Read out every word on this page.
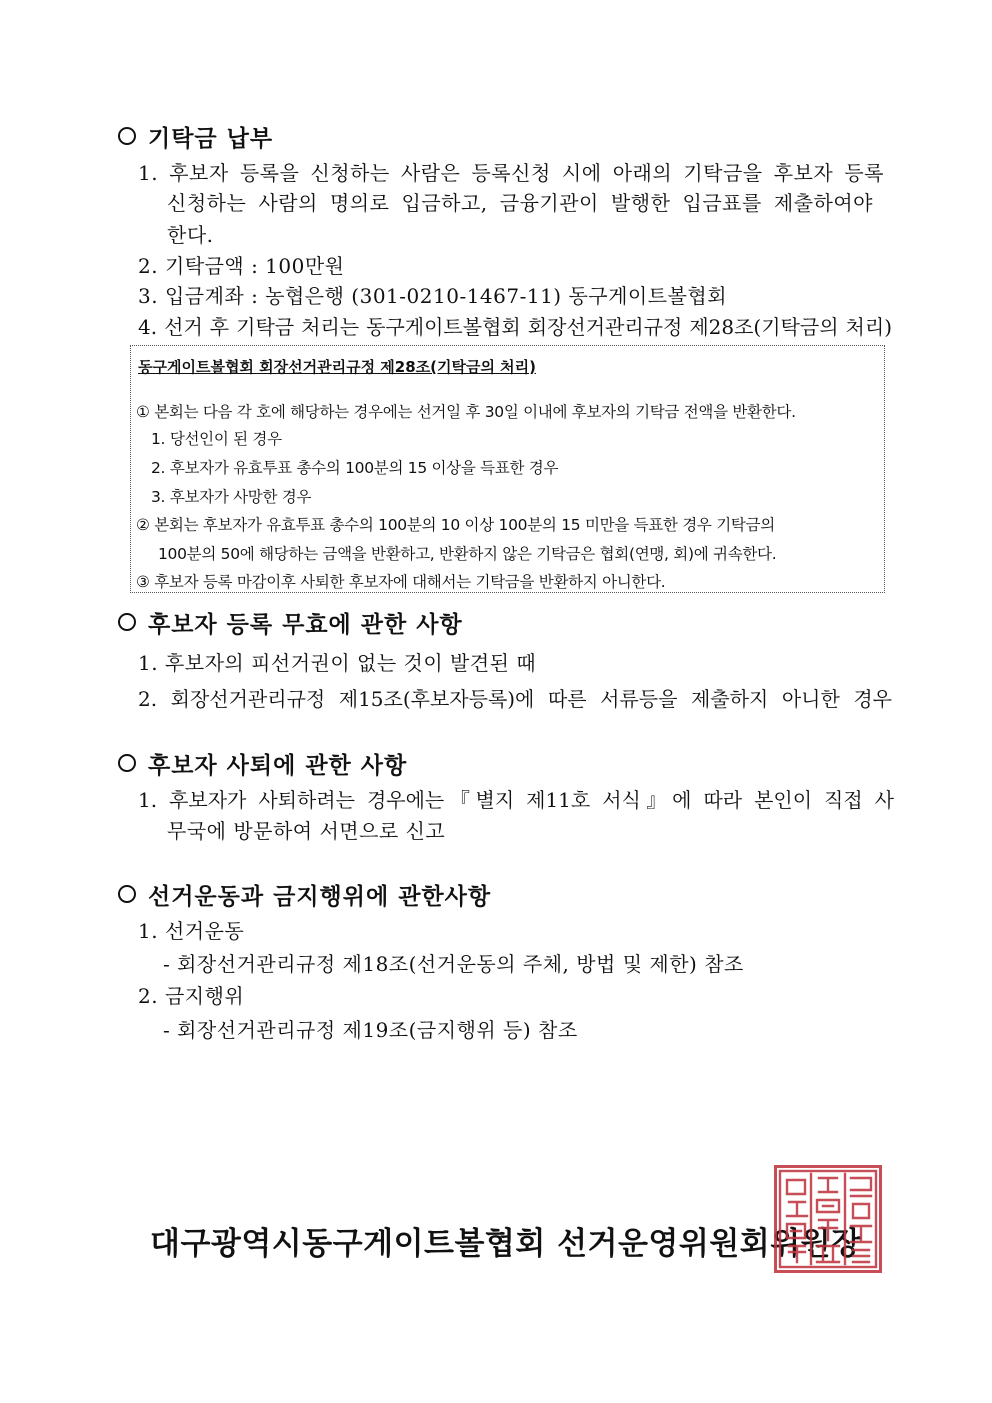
기탁금 납부
1. 후보자 등록을 신청하는 사람은 등록신청 시에 아래의 기탁금을 후보자 등록
신청하는 사람의 명의로 입금하고, 금융기관이 발행한 입금표를 제출하여야
한다.
2. 기탁금액 : 100만원
3. 입금계좌 : 농협은행 (301-0210-1467-11) 동구게이트볼협회
4. 선거 후 기탁금 처리는 동구게이트볼협회 회장선거관리규정 제28조(기탁금의 처리)
동구게이트볼협회 회장선거관리규정 제28조(기탁금의 처리)
① 본회는 다음 각 호에 해당하는 경우에는 선거일 후 30일 이내에 후보자의 기탁금 전액을 반환한다.
1. 당선인이 된 경우
2. 후보자가 유효투표 총수의 100분의 15 이상을 득표한 경우
3. 후보자가 사망한 경우
② 본회는 후보자가 유효투표 총수의 100분의 10 이상 100분의 15 미만을 득표한 경우 기탁금의
100분의 50에 해당하는 금액을 반환하고, 반환하지 않은 기탁금은 협회(연맹, 회)에 귀속한다.
③ 후보자 등록 마감이후 사퇴한 후보자에 대해서는 기탁금을 반환하지 아니한다.
후보자 등록 무효에 관한 사항
1. 후보자의 피선거권이 없는 것이 발견된 때
2. 회장선거관리규정 제15조(후보자등록)에 따른 서류등을 제출하지 아니한 경우
후보자 사퇴에 관한 사항
1. 후보자가 사퇴하려는 경우에는『별지 제11호 서식』에 따라 본인이 직접 사
무국에 방문하여 서면으로 신고
선거운동과 금지행위에 관한사항
1. 선거운동
- 회장선거관리규정 제18조(선거운동의 주체, 방법 및 제한) 참조
2. 금지행위
- 회장선거관리규정 제19조(금지행위 등) 참조
대구광역시동구게이트볼협회 선거운영위원회위원장
